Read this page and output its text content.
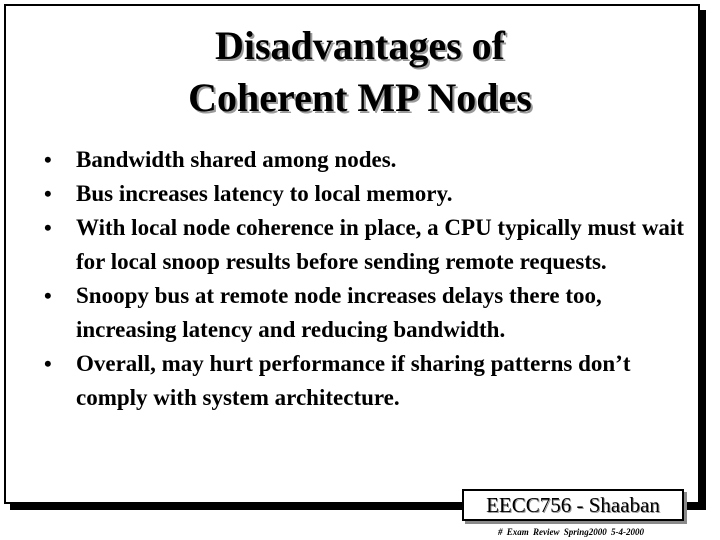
Disadvantages of
Coherent MP Nodes
• Bandwidth shared among nodes.
• Bus increases latency to local memory.
• With local node coherence in place, a CPU typically must wait for local snoop results before sending remote requests.
• Snoopy bus at remote node increases delays there too, increasing latency and reducing bandwidth.
• Overall, may hurt performance if sharing patterns don’t comply with system architecture.
EECC756 - Shaaban
# Exam Review Spring2000 5-4-2000
